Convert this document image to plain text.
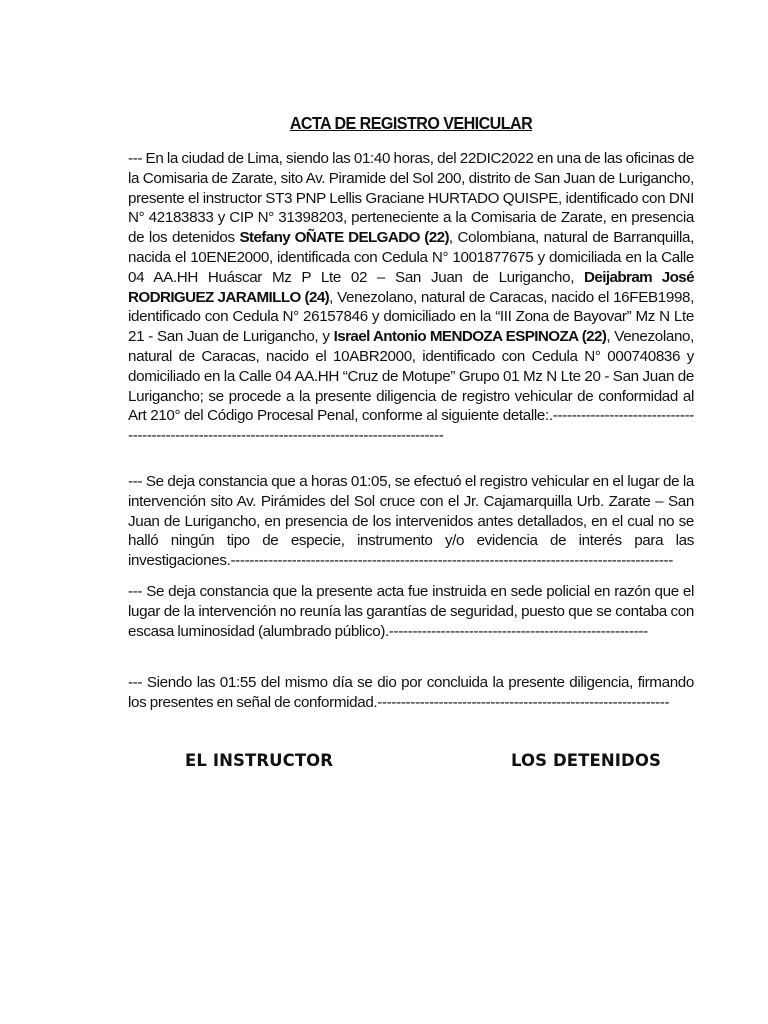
ACTA DE REGISTRO VEHICULAR

--- En la ciudad de Lima, siendo las 01:40 horas, del 22DIC2022 en una de las oficinas de la Comisaria de Zarate, sito Av. Piramide del Sol 200, distrito de San Juan de Lurigancho, presente el instructor ST3 PNP Lellis Graciane HURTADO QUISPE, identificado con DNI N° 42183833 y CIP N° 31398203, perteneciente a la Comisaria de Zarate, en presencia de los detenidos Stefany OÑATE DELGADO (22), Colombiana, natural de Barranquilla, nacida el 10ENE2000, identificada con Cedula N° 1001877675 y domiciliada en la Calle 04 AA.HH Huáscar Mz P Lte 02 – San Juan de Lurigancho, Deijabram José RODRIGUEZ JARAMILLO (24), Venezolano, natural de Caracas, nacido el 16FEB1998, identificado con Cedula N° 26157846 y domiciliado en la “III Zona de Bayovar” Mz N Lte 21 - San Juan de Lurigancho, y Israel Antonio MENDOZA ESPINOZA (22), Venezolano, natural de Caracas, nacido el 10ABR2000, identificado con Cedula N° 000740836 y domiciliado en la Calle 04 AA.HH “Cruz de Motupe” Grupo 01 Mz N Lte 20 - San Juan de Lurigancho; se procede a la presente diligencia de registro vehicular de conformidad al Art 210° del Código Procesal Penal, conforme al siguiente detalle:.-------------------------------------------------------------------------------------------------

--- Se deja constancia que a horas 01:05, se efectuó el registro vehicular en el lugar de la intervención sito Av. Pirámides del Sol cruce con el Jr. Cajamarquilla Urb. Zarate – San Juan de Lurigancho, en presencia de los intervenidos antes detallados, en el cual no se halló ningún tipo de especie, instrumento y/o evidencia de interés para las investigaciones.----------------------------------------------------------------------------------------------

--- Se deja constancia que la presente acta fue instruida en sede policial en razón que el lugar de la intervención no reunía las garantías de seguridad, puesto que se contaba con escasa luminosidad (alumbrado público).-------------------------------------------------------

--- Siendo las 01:55 del mismo día se dio por concluida la presente diligencia, firmando los presentes en señal de conformidad.--------------------------------------------------------------

EL INSTRUCTOR	LOS DETENIDOS
